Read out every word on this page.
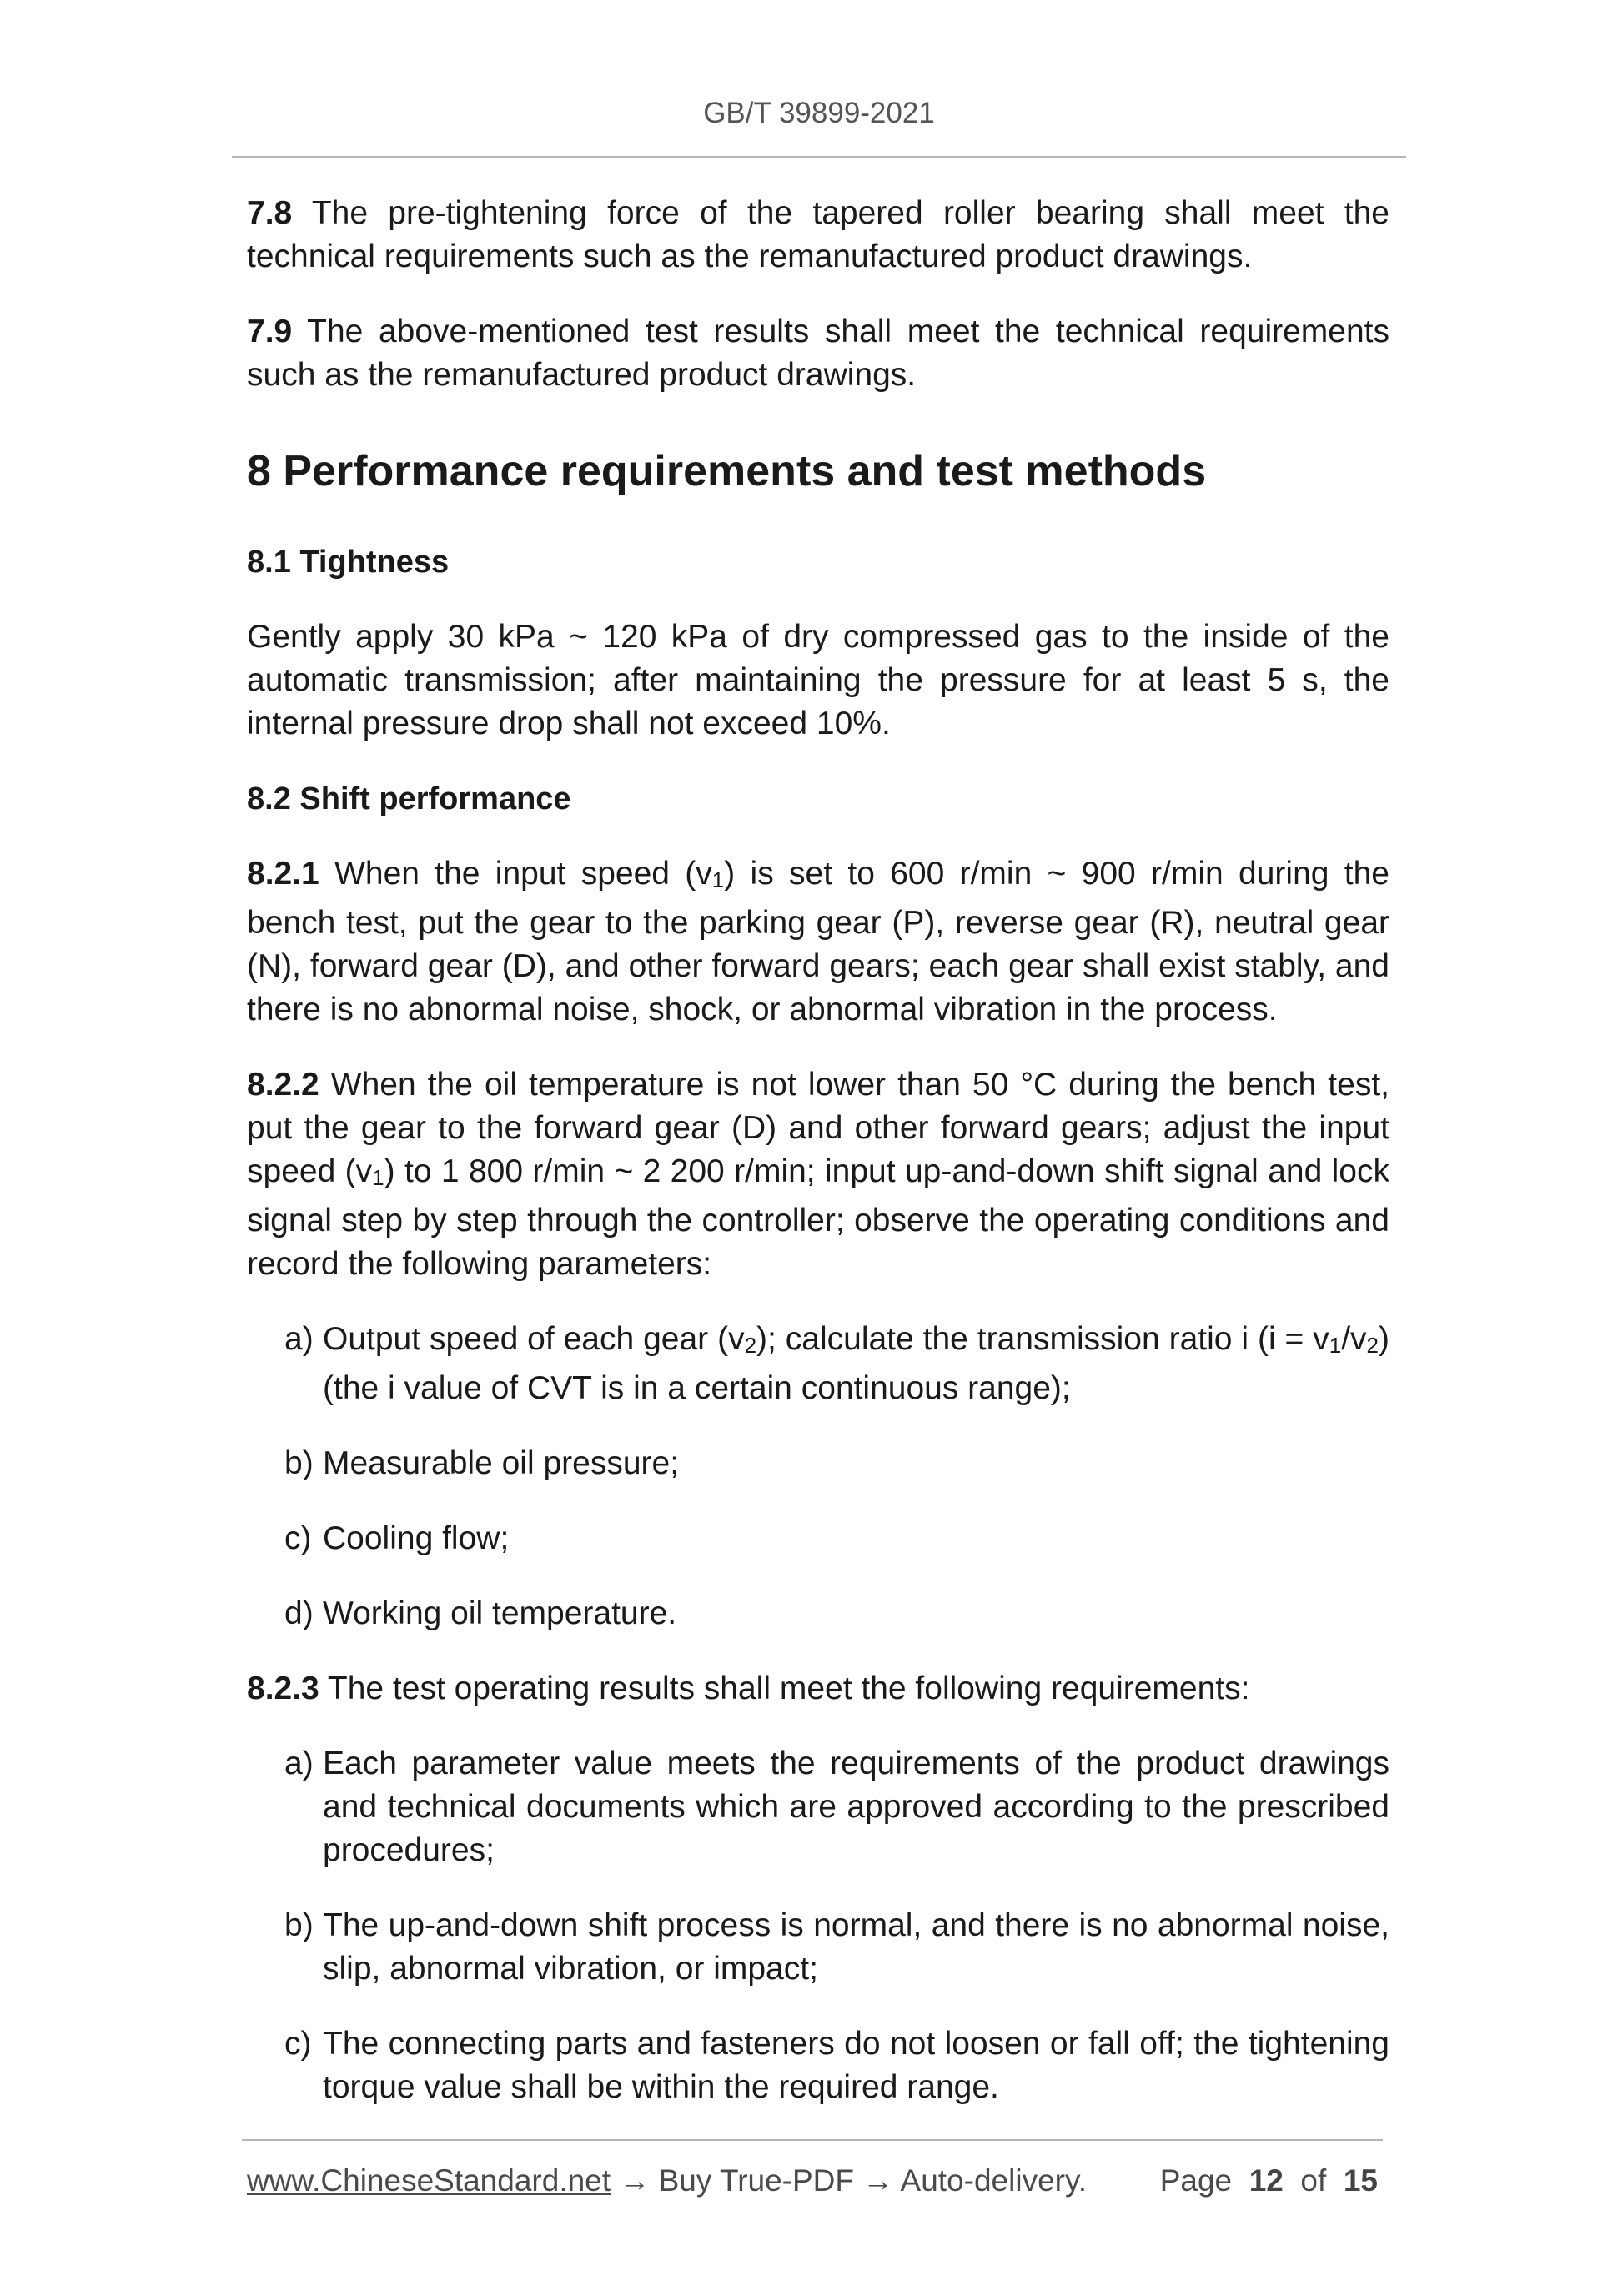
GB/T 39899-2021

7.8 The pre-tightening force of the tapered roller bearing shall meet the technical requirements such as the remanufactured product drawings.

7.9 The above-mentioned test results shall meet the technical requirements such as the remanufactured product drawings.

8 Performance requirements and test methods
8.1 Tightness

Gently apply 30 kPa ~ 120 kPa of dry compressed gas to the inside of the automatic transmission; after maintaining the pressure for at least 5 s, the internal pressure drop shall not exceed 10%.

8.2 Shift performance

8.2.1 When the input speed $(v_1)$ is set to 600 r/min ~ 900 r/min during the bench test, put the gear to the parking gear (P), reverse gear (R), neutral gear (N), forward gear (D), and other forward gears; each gear shall exist stably, and there is no abnormal noise, shock, or abnormal vibration in the process.

8.2.2 When the oil temperature is not lower than 50 °C during the bench test, put the gear to the forward gear (D) and other forward gears; adjust the input speed $(v_1)$ to 1 800 r/min ~ 2 200 r/min; input up-and-down shift signal and lock signal step by step through the controller; observe the operating conditions and record the following parameters:

a) Output speed of each gear $(v_2)$; calculate the transmission ratio i $(i = v_1/v_2)$ (the i value of CVT is in a certain continuous range);
b) Measurable oil pressure;
c) Cooling flow;
d) Working oil temperature.

8.2.3 The test operating results shall meet the following requirements:

a) Each parameter value meets the requirements of the product drawings and technical documents which are approved according to the prescribed procedures;
b) The up-and-down shift process is normal, and there is no abnormal noise, slip, abnormal vibration, or impact;
c) The connecting parts and fasteners do not loosen or fall off; the tightening torque value shall be within the required range.
www.ChineseStandard.net → Buy True-PDF → Auto-delivery. Page 12 of 15
